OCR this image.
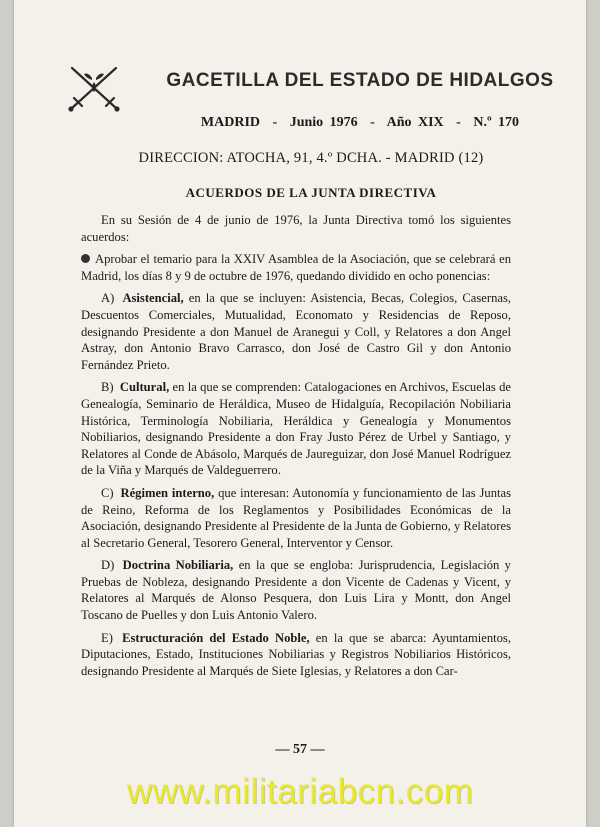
GACETILLA DEL ESTADO DE HIDALGOS
MADRID - Junio 1976 - Año XIX - N.º 170
DIRECCION: ATOCHA, 91, 4.º DCHA. - MADRID (12)
ACUERDOS DE LA JUNTA DIRECTIVA

En su Sesión de 4 de junio de 1976, la Junta Directiva tomó los siguientes acuerdos:

Aprobar el temario para la XXIV Asamblea de la Asociación, que se celebrará en Madrid, los días 8 y 9 de octubre de 1976, quedando dividido en ocho ponencias:

A) Asistencial, en la que se incluyen: Asistencia, Becas, Colegios, Casernas, Descuentos Comerciales, Mutualidad, Economato y Residencias de Reposo, designando Presidente a don Manuel de Aranegui y Coll, y Relatores a don Angel Astray, don Antonio Bravo Carrasco, don José de Castro Gil y don Antonio Fernández Prieto.

B) Cultural, en la que se comprenden: Catalogaciones en Archivos, Escuelas de Genealogía, Seminario de Heráldica, Museo de Hidalguía, Recopilación Nobiliaria Histórica, Terminología Nobiliaria, Heráldica y Genealogía y Monumentos Nobiliarios, designando Presidente a don Fray Justo Pérez de Urbel y Santiago, y Relatores al Conde de Abásolo, Marqués de Jaureguizar, don José Manuel Rodríguez de la Viña y Marqués de Valdeguerrero.

C) Régimen interno, que interesan: Autonomía y funcionamiento de las Juntas de Reino, Reforma de los Reglamentos y Posibilidades Económicas de la Asociación, designando Presidente al Presidente de la Junta de Gobierno, y Relatores al Secretario General, Tesorero General, Interventor y Censor.

D) Doctrina Nobiliaria, en la que se engloba: Jurisprudencia, Legislación y Pruebas de Nobleza, designando Presidente a don Vicente de Cadenas y Vicent, y Relatores al Marqués de Alonso Pesquera, don Luis Lira y Montt, don Angel Toscano de Puelles y don Luis Antonio Valero.

E) Estructuración del Estado Noble, en la que se abarca: Ayuntamientos, Diputaciones, Estado, Instituciones Nobiliarias y Registros Nobiliarios Históricos, designando Presidente al Marqués de Siete Iglesias, y Relatores a don Car-

— 57 —
www.militariabcn.com
